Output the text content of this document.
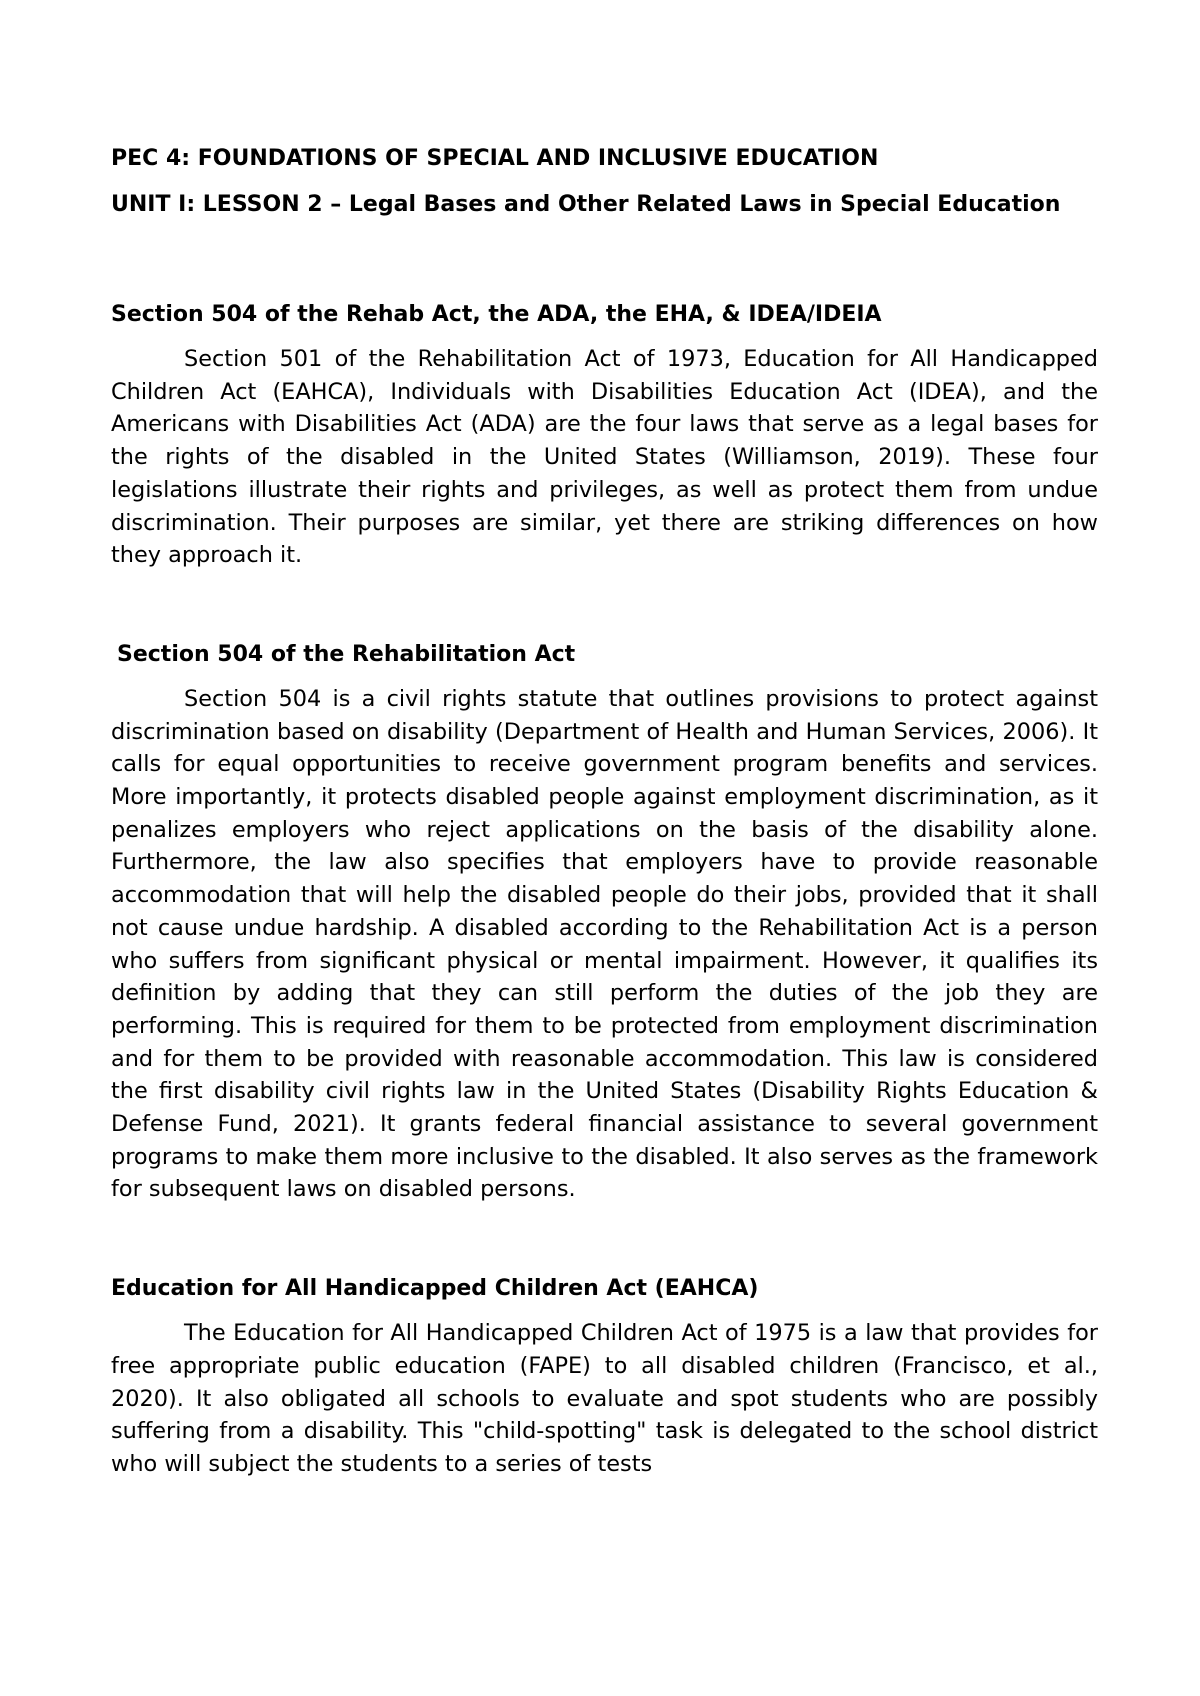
PEC 4: FOUNDATIONS OF SPECIAL AND INCLUSIVE EDUCATION

UNIT I: LESSON 2 – Legal Bases and Other Related Laws in Special Education

Section 504 of the Rehab Act, the ADA, the EHA, & IDEA/IDEIA

Section 501 of the Rehabilitation Act of 1973, Education for All Handicapped Children Act (EAHCA), Individuals with Disabilities Education Act (IDEA), and the Americans with Disabilities Act (ADA) are the four laws that serve as a legal bases for the rights of the disabled in the United States (Williamson, 2019). These four legislations illustrate their rights and privileges, as well as protect them from undue discrimination. Their purposes are similar, yet there are striking differences on how they approach it.

Section 504 of the Rehabilitation Act

Section 504 is a civil rights statute that outlines provisions to protect against discrimination based on disability (Department of Health and Human Services, 2006). It calls for equal opportunities to receive government program benefits and services. More importantly, it protects disabled people against employment discrimination, as it penalizes employers who reject applications on the basis of the disability alone. Furthermore, the law also specifies that employers have to provide reasonable accommodation that will help the disabled people do their jobs, provided that it shall not cause undue hardship. A disabled according to the Rehabilitation Act is a person who suffers from significant physical or mental impairment. However, it qualifies its definition by adding that they can still perform the duties of the job they are performing. This is required for them to be protected from employment discrimination and for them to be provided with reasonable accommodation. This law is considered the first disability civil rights law in the United States (Disability Rights Education & Defense Fund, 2021). It grants federal financial assistance to several government programs to make them more inclusive to the disabled. It also serves as the framework for subsequent laws on disabled persons.

Education for All Handicapped Children Act (EAHCA)

The Education for All Handicapped Children Act of 1975 is a law that provides for free appropriate public education (FAPE) to all disabled children (Francisco, et al., 2020). It also obligated all schools to evaluate and spot students who are possibly suffering from a disability. This "child-spotting" task is delegated to the school district who will subject the students to a series of tests
